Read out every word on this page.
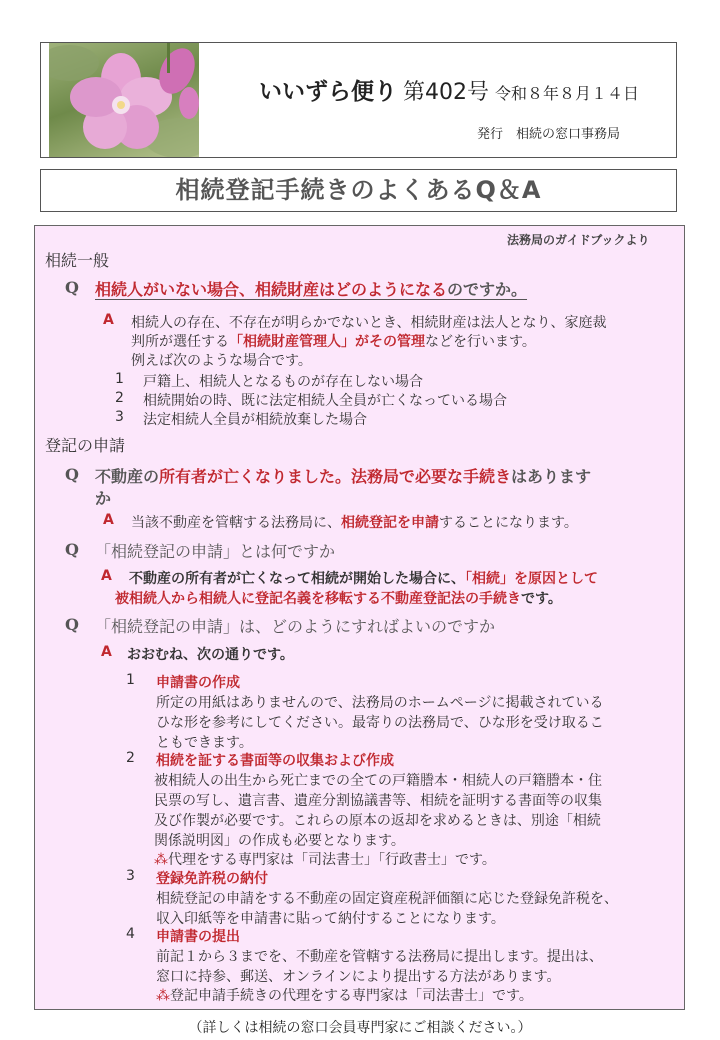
いいずら便り 第402号 令和８年８月１４日
発行　相続の窓口事務局
相続登記手続きのよくあるQ＆A
法務局のガイドブックより
相続一般
Q 相続人がいない場合、相続財産はどのようになるのですか。
A 相続人の存在、不存在が明らかでないとき、相続財産は法人となり、家庭裁
判所が選任する「相続財産管理人」がその管理などを行います。
例えば次のような場合です。
1 戸籍上、相続人となるものが存在しない場合
2 相続開始の時、既に法定相続人全員が亡くなっている場合
3 法定相続人全員が相続放棄した場合
登記の申請
Q 不動産の所有者が亡くなりました。法務局で必要な手続きはあります
か
A 当該不動産を管轄する法務局に、相続登記を申請することになります。
Q 「相続登記の申請」とは何ですか
A 不動産の所有者が亡くなって相続が開始した場合に、「相続」を原因として
被相続人から相続人に登記名義を移転する不動産登記法の手続きです。
Q 「相続登記の申請」は、どのようにすればよいのですか
A おおむね、次の通りです。
1 申請書の作成
所定の用紙はありませんので、法務局のホームページに掲載されている
ひな形を参考にしてください。最寄りの法務局で、ひな形を受け取るこ
ともできます。
2 相続を証する書面等の収集および作成
被相続人の出生から死亡までの全ての戸籍謄本・相続人の戸籍謄本・住
民票の写し、遺言書、遺産分割協議書等、相続を証明する書面等の収集
及び作製が必要です。これらの原本の返却を求めるときは、別途「相続
関係説明図」の作成も必要となります。
⁂代理をする専門家は「司法書士」「行政書士」です。
3 登録免許税の納付
相続登記の申請をする不動産の固定資産税評価額に応じた登録免許税を、
収入印紙等を申請書に貼って納付することになります。
4 申請書の提出
前記１から３までを、不動産を管轄する法務局に提出します。提出は、
窓口に持参、郵送、オンラインにより提出する方法があります。
⁂登記申請手続きの代理をする専門家は「司法書士」です。
（詳しくは相続の窓口会員専門家にご相談ください。）
